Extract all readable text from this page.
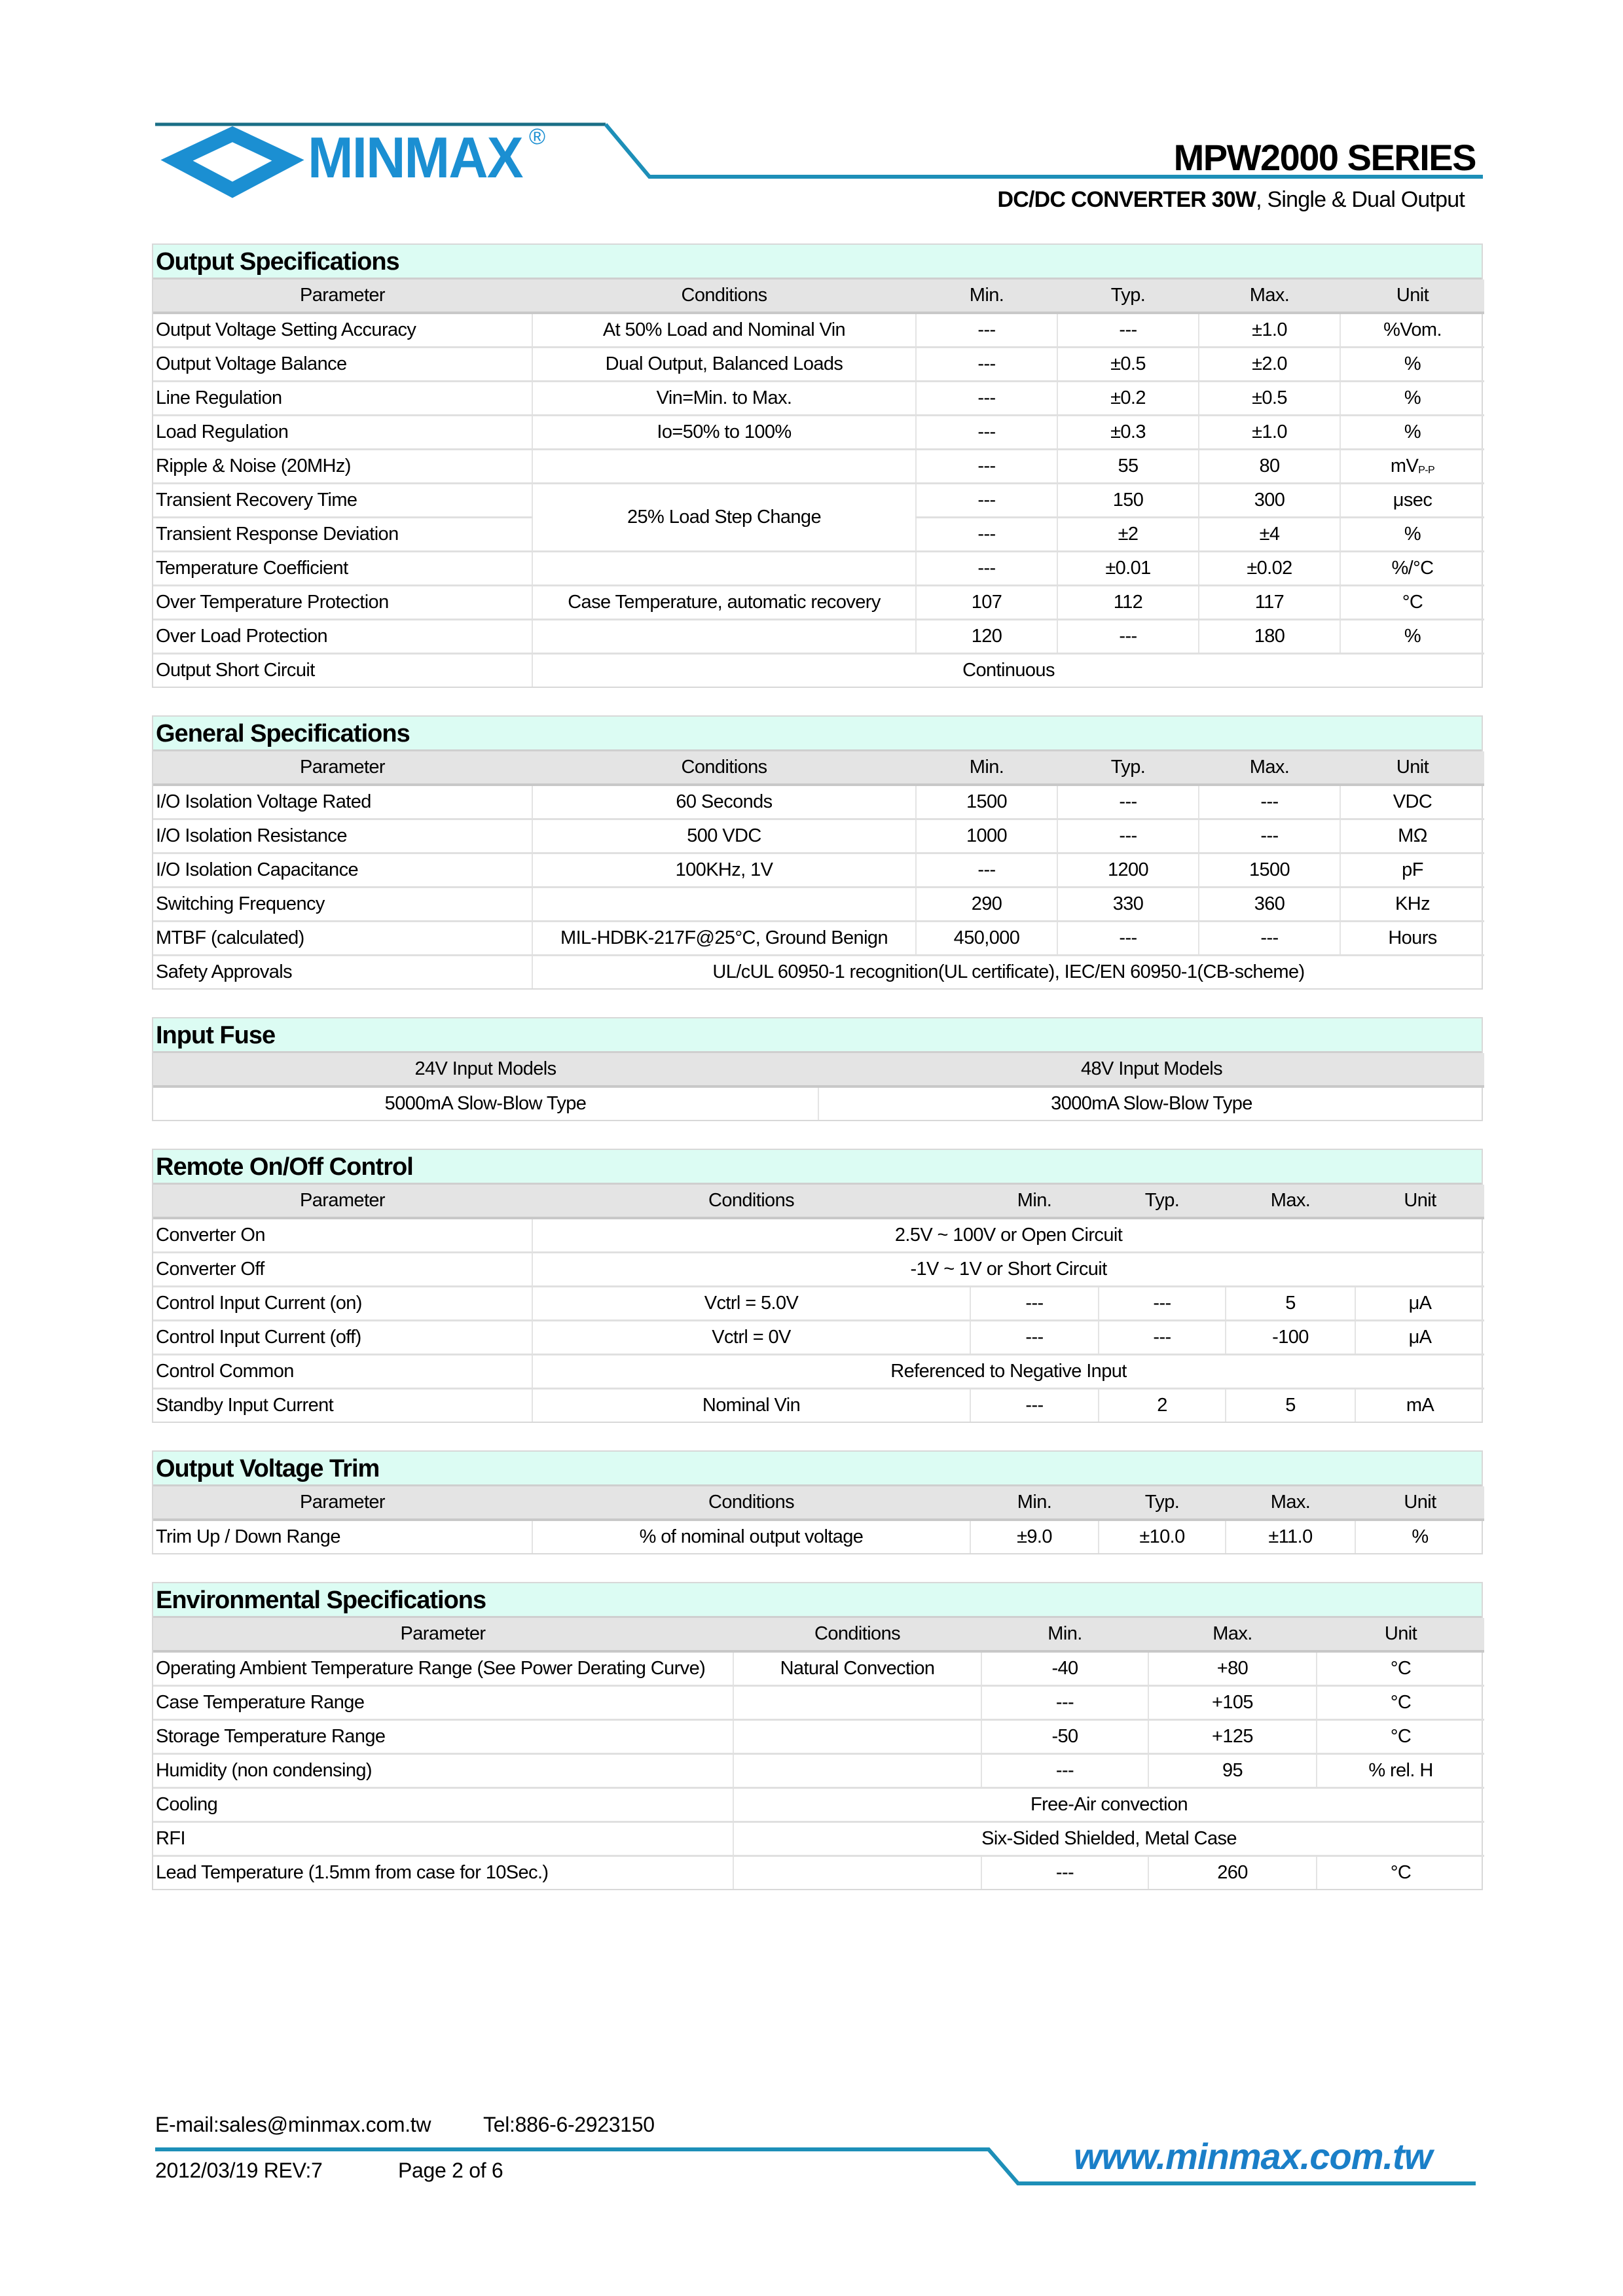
MINMAX ®	MPW2000 SERIES
DC/DC CONVERTER 30W, Single & Dual Output
Output Specifications
Parameter	Conditions	Min.	Typ.	Max.	Unit
Output Voltage Setting Accuracy	At 50% Load and Nominal Vin	---	---	±1.0	%Vom.
Output Voltage Balance	Dual Output, Balanced Loads	---	±0.5	±2.0	%
Line Regulation	Vin=Min. to Max.	---	±0.2	±0.5	%
Load Regulation	Io=50% to 100%	---	±0.3	±1.0	%
Ripple & Noise (20MHz)		---	55	80	$mV_{P-P}$
Transient Recovery Time	25% Load Step Change	---	150	300	μsec
Transient Response Deviation		---	±2	±4	%
Temperature Coefficient		---	±0.01	±0.02	%/°C
Over Temperature Protection	Case Temperature, automatic recovery	107	112	117	°C
Over Load Protection		120	---	180	%
Output Short Circuit	Continuous				
General Specifications
Parameter	Conditions	Min.	Typ.	Max.	Unit
I/O Isolation Voltage Rated	60 Seconds	1500	---	---	VDC
I/O Isolation Resistance	500 VDC	1000	---	---	MΩ
I/O Isolation Capacitance	100KHz, 1V	---	1200	1500	pF
Switching Frequency		290	330	360	KHz
MTBF (calculated)	MIL-HDBK-217F@25°C, Ground Benign	450,000	---	---	Hours
Safety Approvals	UL/cUL 60950-1 recognition(UL certificate), IEC/EN 60950-1(CB-scheme)				
Input Fuse
24V Input Models	48V Input Models
5000mA Slow-Blow Type	3000mA Slow-Blow Type
Remote On/Off Control
Parameter	Conditions	Min.	Typ.	Max.	Unit
Converter On	2.5V ~ 100V or Open Circuit				
Converter Off	-1V ~ 1V or Short Circuit				
Control Input Current (on)	Vctrl = 5.0V	---	---	5	μA
Control Input Current (off)	Vctrl = 0V	---	---	-100	μA
Control Common	Referenced to Negative Input				
Standby Input Current	Nominal Vin	---	2	5	mA
Output Voltage Trim
Parameter	Conditions	Min.	Typ.	Max.	Unit
Trim Up / Down Range	% of nominal output voltage	±9.0	±10.0	±11.0	%
Environmental Specifications
Parameter	Conditions	Min.	Max.	Unit
Operating Ambient Temperature Range (See Power Derating Curve)	Natural Convection	-40	+80	°C
Case Temperature Range		---	+105	°C
Storage Temperature Range		-50	+125	°C
Humidity (non condensing)		---	95	% rel. H
Cooling	Free-Air convection			
RFI	Six-Sided Shielded, Metal Case			
Lead Temperature (1.5mm from case for 10Sec.)		---	260	°C
E-mail:sales@minmax.com.tw Tel:886-6-2923150
2012/03/19 REV:7	Page 2 of 6	www.minmax.com.tw
